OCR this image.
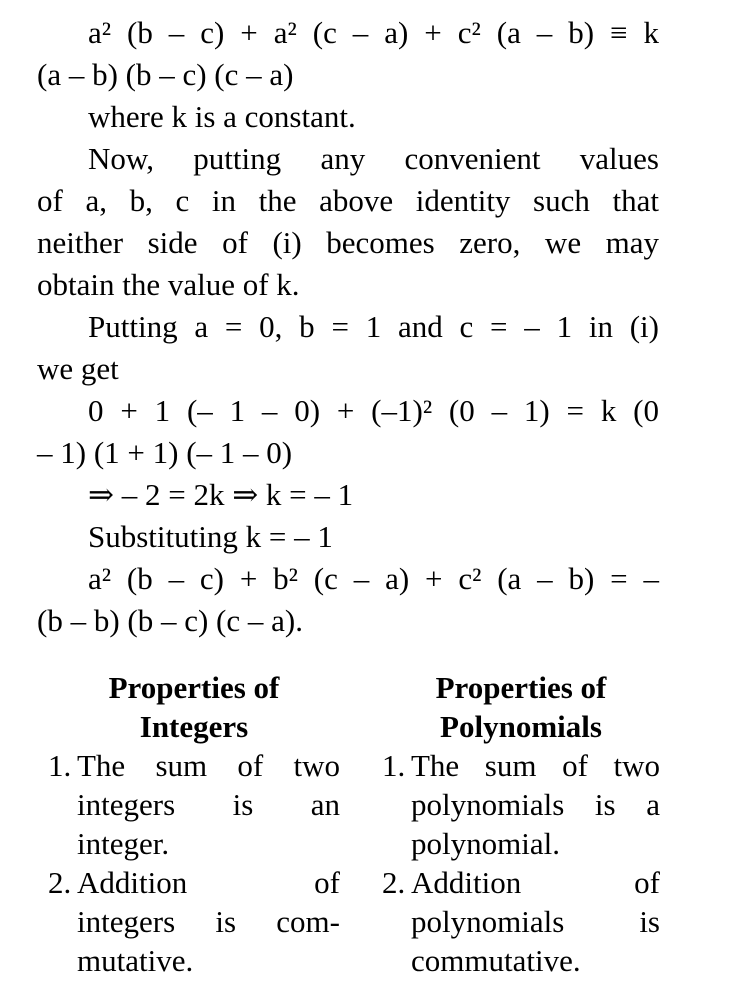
a² (b – c) + a² (c – a) + c² (a – b) ≡ k
(a – b) (b – c) (c – a)
where k is a constant.
Now, putting any convenient values
of a, b, c in the above identity such that
neither side of (i) becomes zero, we may
obtain the value of k.
Putting a = 0, b = 1 and c = – 1 in (i)
we get
0 + 1 (– 1 – 0) + (–1)² (0 – 1) = k (0
– 1) (1 + 1) (– 1 – 0)
⇒ – 2 = 2k ⇒ k = – 1
Substituting k = – 1
a² (b – c) + b² (c – a) + c² (a – b) = –
(b – b) (b – c) (c – a).
Properties of
Integers
1. The sum of two
integers is an
integer.
2. Addition of
integers is com-
mutative.
Properties of
Polynomials
1. The sum of two
polynomials is a
polynomial.
2. Addition of
polynomials is
commutative.
